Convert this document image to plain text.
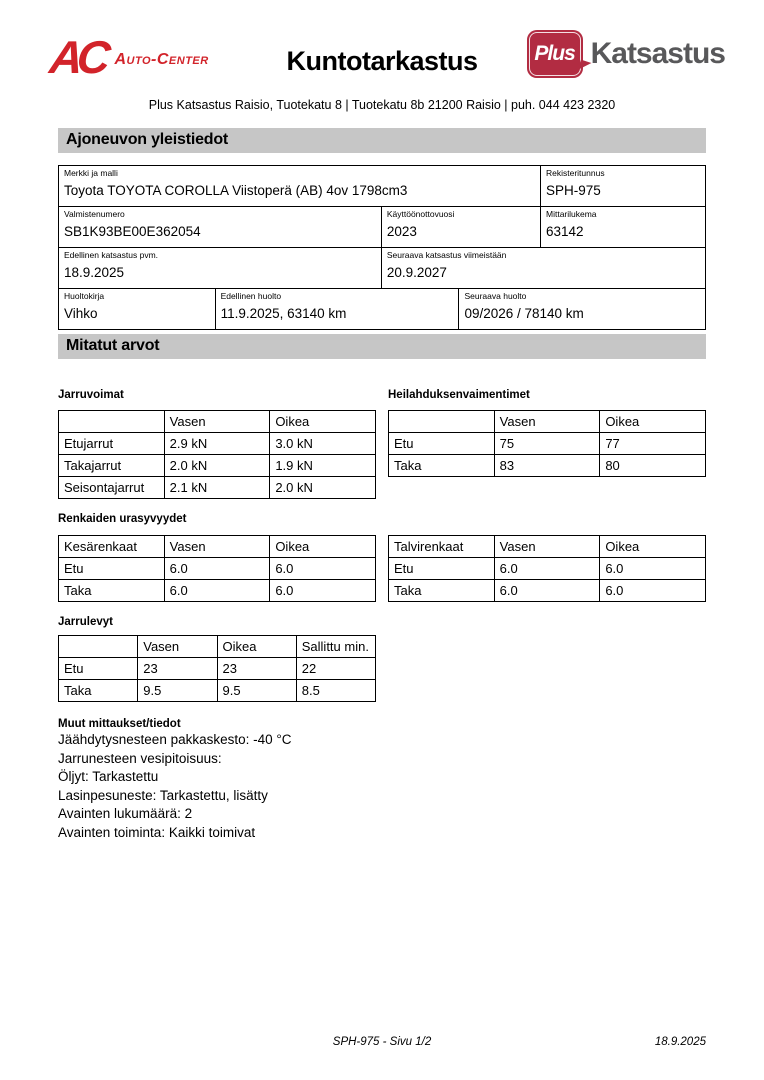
AC Auto-Center	Kuntotarkastus	Plus Katsastus
Plus Katsastus Raisio, Tuotekatu 8 | Tuotekatu 8b 21200 Raisio | puh. 044 423 2320
Ajoneuvon yleistiedot
Merkki ja malli
Toyota TOYOTA COROLLA Viistoperä (AB) 4ov 1798cm3
Rekisteritunnus
SPH-975
Valmistenumero
SB1K93BE00E362054
Käyttöönottovuosi
2023
Mittarilukema
63142
Edellinen katsastus pvm.
18.9.2025
Seuraava katsastus viimeistään
20.9.2027
Huoltokirja
Vihko
Edellinen huolto
11.9.2025, 63140 km
Seuraava huolto
09/2026 / 78140 km
Mitatut arvot
Jarruvoimat
	Vasen	Oikea
Etujarrut	2.9 kN	3.0 kN
Takajarrut	2.0 kN	1.9 kN
Seisontajarrut	2.1 kN	2.0 kN
Heilahduksenvaimentimet
	Vasen	Oikea
Etu	75	77
Taka	83	80
Renkaiden urasyvyydet
Kesärenkaat	Vasen	Oikea
Etu	6.0	6.0
Taka	6.0	6.0
Talvirenkaat	Vasen	Oikea
Etu	6.0	6.0
Taka	6.0	6.0
Jarrulevyt
	Vasen	Oikea	Sallittu min.
Etu	23	23	22
Taka	9.5	9.5	8.5
Muut mittaukset/tiedot
Jäähdytysnesteen pakkaskesto: -40 °C
Jarrunesteen vesipitoisuus:
Öljyt: Tarkastettu
Lasinpesuneste: Tarkastettu, lisätty
Avainten lukumäärä: 2
Avainten toiminta: Kaikki toimivat
SPH-975 - Sivu 1/2	18.9.2025
